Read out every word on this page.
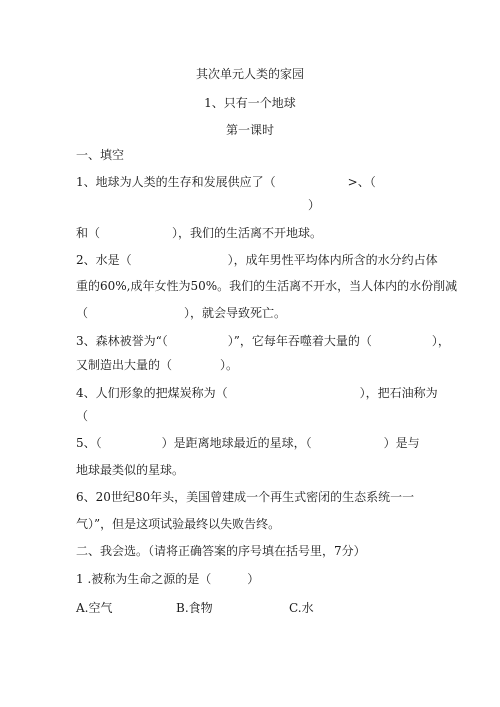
其次单元人类的家园
1、只有一个地球
第一课时
一、填空
1、地球为人类的生存和发展供应了（　　　　　　>、（
）
和（　　　　　　），我们的生活离不开地球。
2、水是（　　　　　　　　），成年男性平均体内所含的水分约占体
重的60%,成年女性为50%。我们的生活离不开水，当人体内的水份削减
（　　　　　　　　），就会导致死亡。
3、森林被誉为“（　　　　　）”，它每年吞噬着大量的（　　　　　），
又制造出大量的（　　　　）。
4、人们形象的把煤炭称为（　　　　　　　　　　　），把石油称为
（
5、（　　　　　）是距离地球最近的星球，（　　　　　　）是与
地球最类似的星球。
6、20世纪80年头，美国曾建成一个再生式密闭的生态系统一一
气）”，但是这项试验最终以失败告终。
二、我会选。（请将正确答案的序号填在括号里，7分）
1 .被称为生命之源的是（　　　）
A.空气	B.食物	C.水
